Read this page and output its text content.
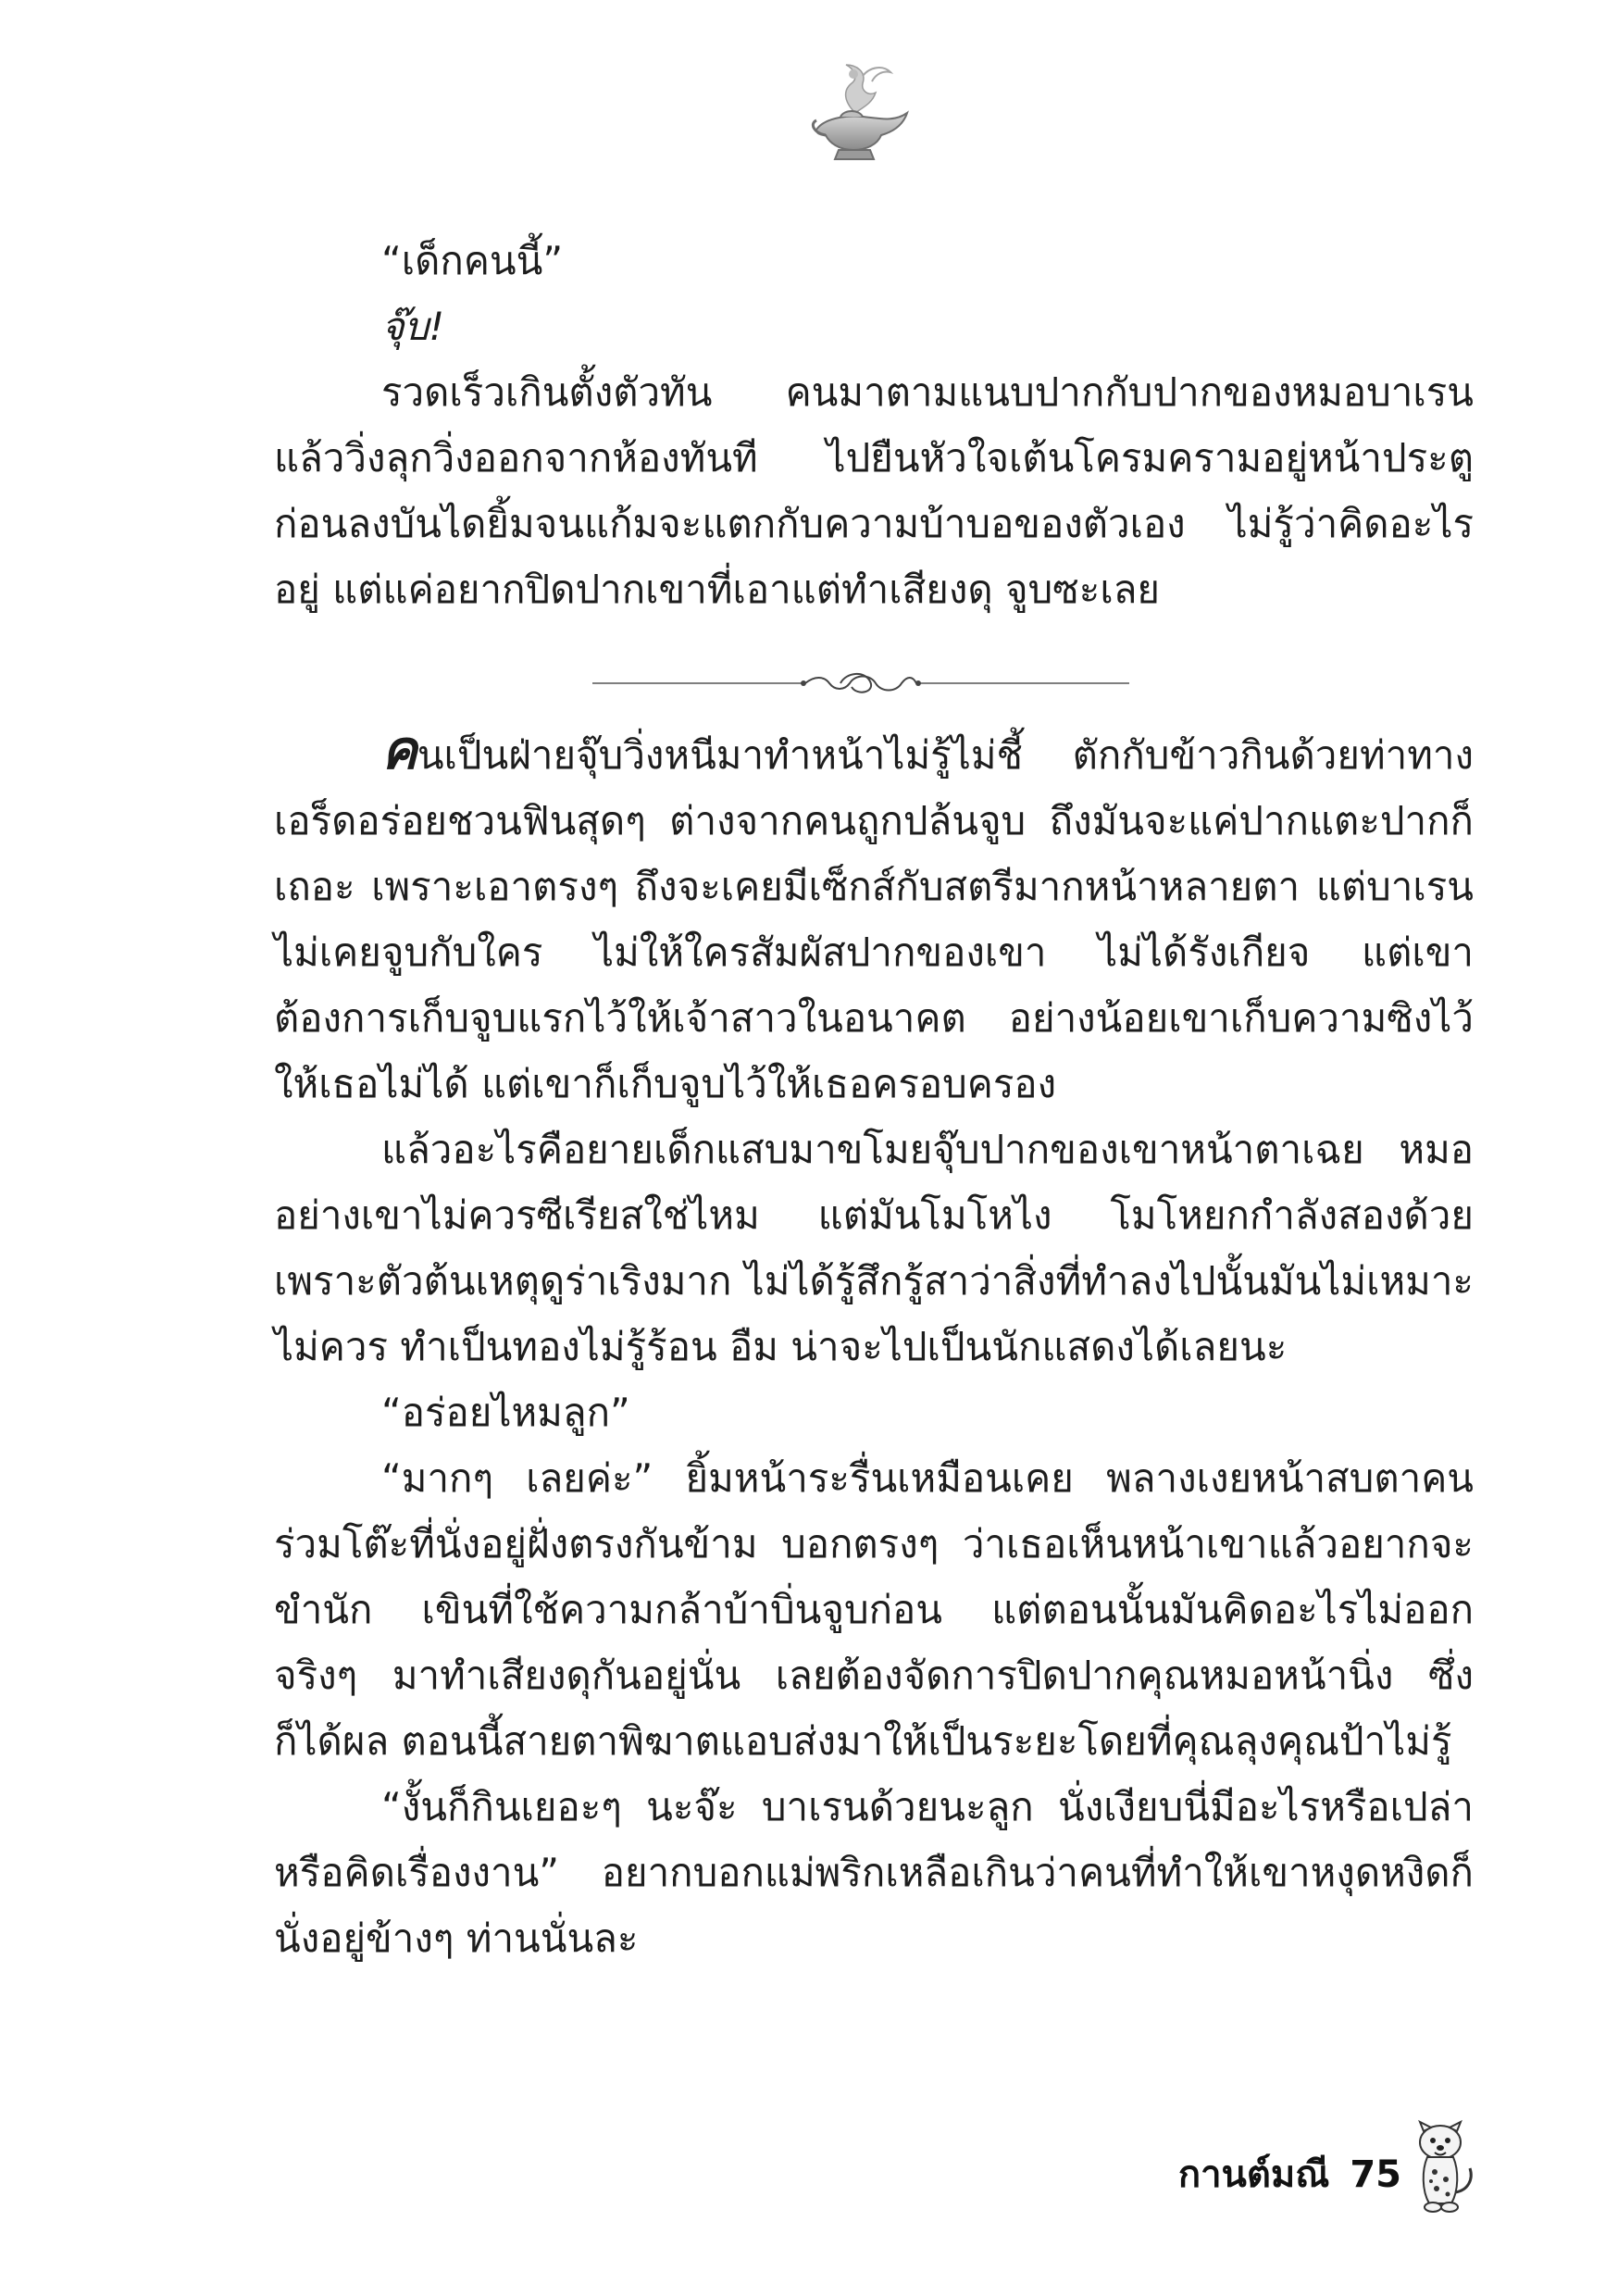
“เด็กคนนี้”

จุ๊บ!

รวดเร็วเกินตั้งตัวทัน คนมาตามแนบปากกับปากของหมอบาเรน แล้ววิ่งลุกวิ่งออกจากห้องทันที ไปยืนหัวใจเต้นโครมครามอยู่หน้าประตู ก่อนลงบันไดยิ้มจนแก้มจะแตกกับความบ้าบอของตัวเอง ไม่รู้ว่าคิดอะไรอยู่ แต่แค่อยากปิดปากเขาที่เอาแต่ทำเสียงดุ จูบซะเลย

คนเป็นฝ่ายจุ๊บวิ่งหนีมาทำหน้าไม่รู้ไม่ชี้ ตักกับข้าวกินด้วยท่าทางเอร็ดอร่อยชวนฟินสุดๆ ต่างจากคนถูกปล้นจูบ ถึงมันจะแค่ปากแตะปากก็เถอะ เพราะเอาตรงๆ ถึงจะเคยมีเซ็กส์กับสตรีมากหน้าหลายตา แต่บาเรนไม่เคยจูบกับใคร ไม่ให้ใครสัมผัสปากของเขา ไม่ได้รังเกียจ แต่เขาต้องการเก็บจูบแรกไว้ให้เจ้าสาวในอนาคต อย่างน้อยเขาเก็บความซิงไว้ให้เธอไม่ได้ แต่เขาก็เก็บจูบไว้ให้เธอครอบครอง

แล้วอะไรคือยายเด็กแสบมาขโมยจุ๊บปากของเขาหน้าตาเฉย หมออย่างเขาไม่ควรซีเรียสใช่ไหม แต่มันโมโหไง โมโหยกกำลังสองด้วยเพราะตัวต้นเหตุดูร่าเริงมาก ไม่ได้รู้สึกรู้สาว่าสิ่งที่ทำลงไปนั้นมันไม่เหมาะไม่ควร ทำเป็นทองไม่รู้ร้อน อืม น่าจะไปเป็นนักแสดงได้เลยนะ

“อร่อยไหมลูก”

“มากๆ เลยค่ะ” ยิ้มหน้าระรื่นเหมือนเคย พลางเงยหน้าสบตาคนร่วมโต๊ะที่นั่งอยู่ฝั่งตรงกันข้าม บอกตรงๆ ว่าเธอเห็นหน้าเขาแล้วอยากจะขำนัก เขินที่ใช้ความกล้าบ้าบิ่นจูบก่อน แต่ตอนนั้นมันคิดอะไรไม่ออกจริงๆ มาทำเสียงดุกันอยู่นั่น เลยต้องจัดการปิดปากคุณหมอหน้านิ่ง ซึ่งก็ได้ผล ตอนนี้สายตาพิฆาตแอบส่งมาให้เป็นระยะโดยที่คุณลุงคุณป้าไม่รู้

“งั้นก็กินเยอะๆ นะจ๊ะ บาเรนด้วยนะลูก นั่งเงียบนี่มีอะไรหรือเปล่า หรือคิดเรื่องงาน” อยากบอกแม่พริกเหลือเกินว่าคนที่ทำให้เขาหงุดหงิดก็นั่งอยู่ข้างๆ ท่านนั่นละ

กานต์มณี 75
